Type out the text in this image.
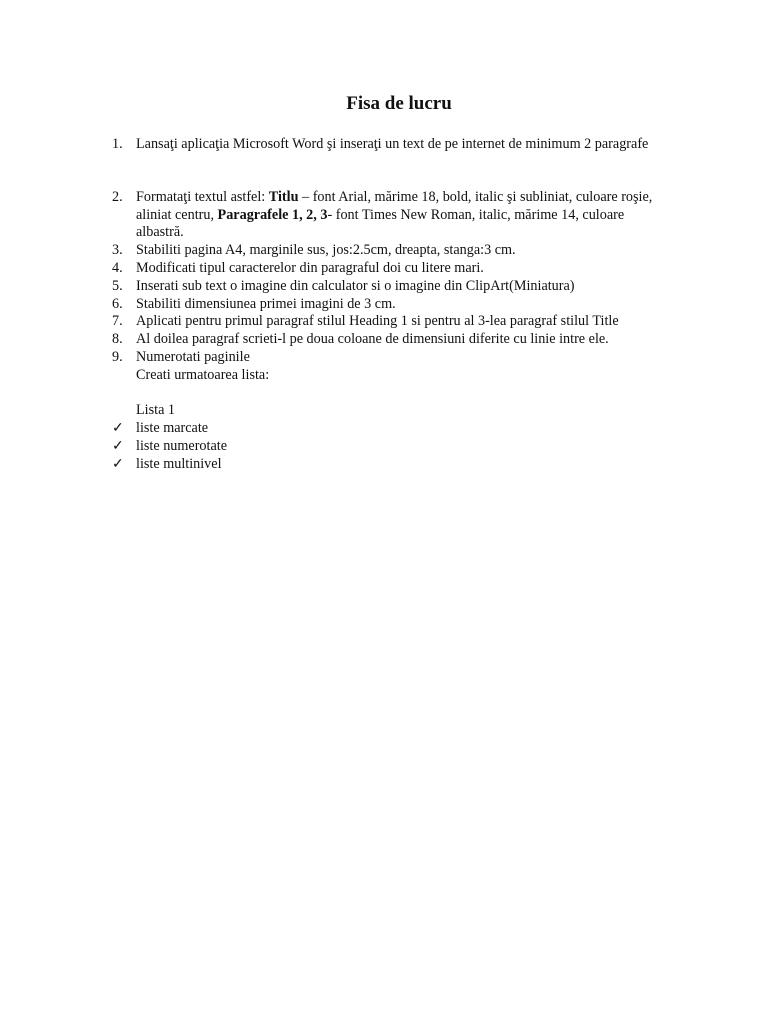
Fisa de lucru
1. Lansaţi aplicaţia Microsoft Word şi inseraţi un text de pe internet de minimum 2 paragrafe
2. Formataţi textul astfel: Titlu – font Arial, mărime 18, bold, italic şi subliniat, culoare roşie, aliniat centru, Paragrafele 1, 2, 3- font Times New Roman, italic, mărime 14, culoare albastră.
3. Stabiliti pagina A4, marginile sus, jos:2.5cm, dreapta, stanga:3 cm.
4. Modificati tipul caracterelor din paragraful doi cu litere mari.
5. Inserati sub text o imagine din calculator si o imagine din ClipArt(Miniatura)
6. Stabiliti dimensiunea primei imagini de 3 cm.
7. Aplicati pentru primul paragraf stilul Heading 1 si pentru al 3-lea paragraf stilul Title
8. Al doilea paragraf scrieti-l pe doua coloane de dimensiuni diferite cu linie intre ele.
9. Numerotati paginile
Creati urmatoarea lista:
Lista 1
✓ liste marcate
✓ liste numerotate
✓ liste multinivel
